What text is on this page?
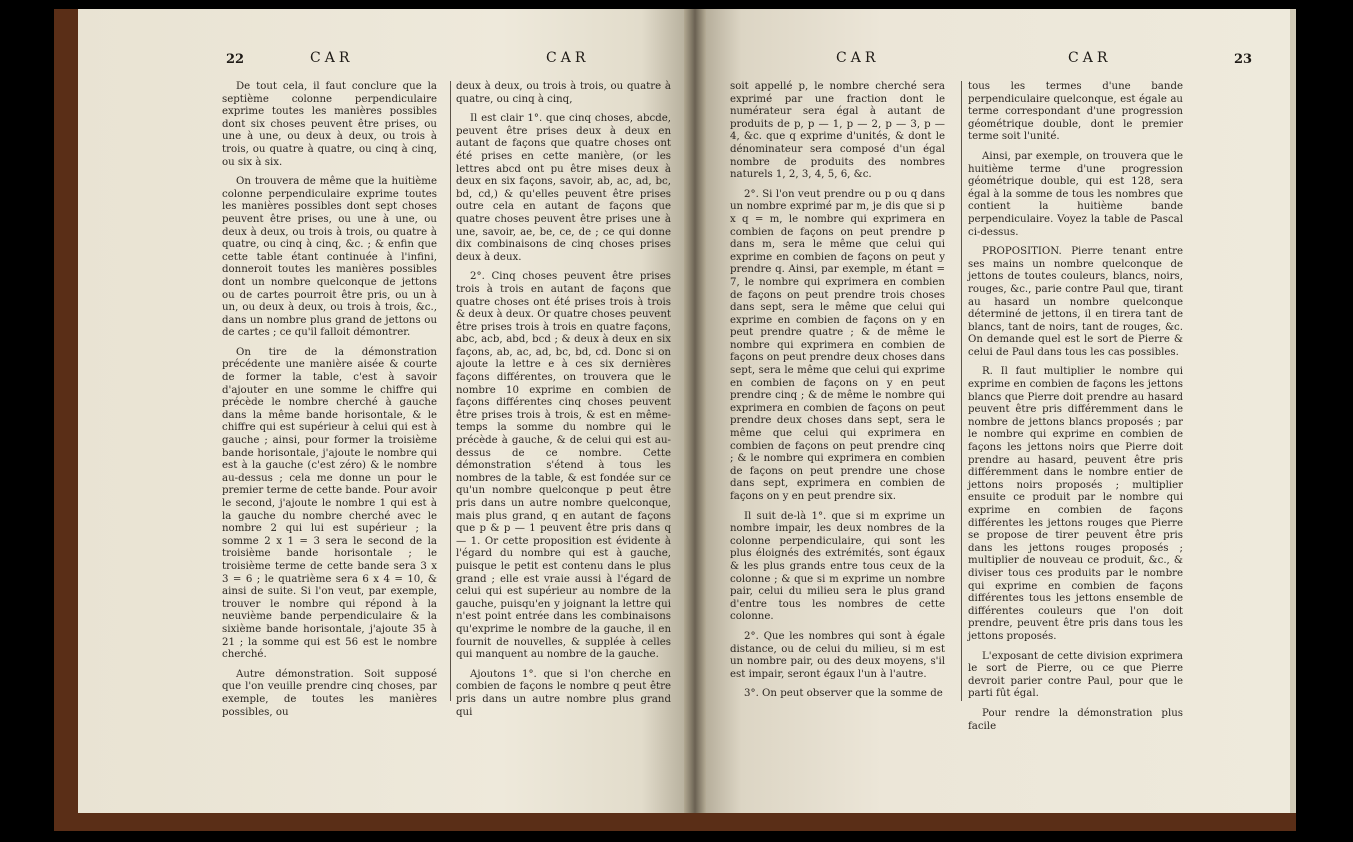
22	CAR	CAR

De tout cela, il faut conclure que la septième colonne perpendiculaire exprime toutes les manières possibles dont six choses peuvent être prises, ou une à une, ou deux à deux, ou trois à trois, ou quatre à quatre, ou cinq à cinq, ou six à six.

On trouvera de même que la huitième colonne perpendiculaire exprime toutes les manières possibles dont sept choses peuvent être prises, ou une à une, ou deux à deux, ou trois à trois, ou quatre à quatre, ou cinq à cinq, &c. ; & enfin que cette table étant continuée à l'infini, donneroit toutes les manières possibles dont un nombre quelconque de jettons ou de cartes pourroit être pris, ou un à un, ou deux à deux, ou trois à trois, &c., dans un nombre plus grand de jettons ou de cartes ; ce qu'il falloit démontrer.

On tire de la démonstration précédente une manière aisée & courte de former la table, c'est à savoir d'ajouter en une somme le chiffre qui précède le nombre cherché à gauche dans la même bande horisontale, & le chiffre qui est supérieur à celui qui est à gauche ; ainsi, pour former la troisième bande horisontale, j'ajoute le nombre qui est à la gauche (c'est zéro) & le nombre au-dessus ; cela me donne un pour le premier terme de cette bande. Pour avoir le second, j'ajoute le nombre 1 qui est à la gauche du nombre cherché avec le nombre 2 qui lui est supérieur ; la somme 2 x 1 = 3 sera le second de la troisième bande horisontale ; le troisième terme de cette bande sera 3 x 3 = 6 ; le quatrième sera 6 x 4 = 10, & ainsi de suite. Si l'on veut, par exemple, trouver le nombre qui répond à la neuvième bande perpendiculaire & la sixième bande horisontale, j'ajoute 35 à 21 ; la somme qui est 56 est le nombre cherché.

Autre démonstration. Soit supposé que l'on veuille prendre cinq choses, par exemple, de toutes les manières possibles, ou

deux à deux, ou trois à trois, ou quatre à quatre, ou cinq à cinq,

Il est clair 1°. que cinq choses, abcde, peuvent être prises deux à deux en autant de façons que quatre choses ont été prises en cette manière, (or les lettres abcd ont pu être mises deux à deux en six façons, savoir, ab, ac, ad, bc, bd, cd,) & qu'elles peuvent être prises outre cela en autant de façons que quatre choses peuvent être prises une à une, savoir, ae, be, ce, de ; ce qui donne dix combinaisons de cinq choses prises deux à deux.

2°. Cinq choses peuvent être prises trois à trois en autant de façons que quatre choses ont été prises trois à trois & deux à deux. Or quatre choses peuvent être prises trois à trois en quatre façons, abc, acb, abd, bcd ; & deux à deux en six façons, ab, ac, ad, bc, bd, cd. Donc si on ajoute la lettre e à ces six dernières façons différentes, on trouvera que le nombre 10 exprime en combien de façons différentes cinq choses peuvent être prises trois à trois, & est en même-temps la somme du nombre qui le précède à gauche, & de celui qui est au-dessus de ce nombre. Cette démonstration s'étend à tous les nombres de la table, & est fondée sur ce qu'un nombre quelconque p peut être pris dans un autre nombre quelconque, mais plus grand, q en autant de façons que p & p — 1 peuvent être pris dans q — 1. Or cette proposition est évidente à l'égard du nombre qui est à gauche, puisque le petit est contenu dans le plus grand ; elle est vraie aussi à l'égard de celui qui est supérieur au nombre de la gauche, puisqu'en y joignant la lettre qui n'est point entrée dans les combinaisons qu'exprime le nombre de la gauche, il en fournit de nouvelles, & supplée à celles qui manquent au nombre de la gauche.

Ajoutons 1°. que si l'on cherche en combien de façons le nombre q peut être pris dans un autre nombre plus grand qui

CAR	CAR	23

soit appellé p, le nombre cherché sera exprimé par une fraction dont le numérateur sera égal à autant de produits de p, p — 1, p — 2, p — 3, p — 4, &c. que q exprime d'unités, & dont le dénominateur sera composé d'un égal nombre de produits des nombres naturels 1, 2, 3, 4, 5, 6, &c.

2°. Si l'on veut prendre ou p ou q dans un nombre exprimé par m, je dis que si p x q = m, le nombre qui exprimera en combien de façons on peut prendre p dans m, sera le même que celui qui exprime en combien de façons on peut y prendre q. Ainsi, par exemple, m étant = 7, le nombre qui exprimera en combien de façons on peut prendre trois choses dans sept, sera le même que celui qui exprime en combien de façons on y en peut prendre quatre ; & de même le nombre qui exprimera en combien de façons on peut prendre deux choses dans sept, sera le même que celui qui exprime en combien de façons on y en peut prendre cinq ; & de même le nombre qui exprimera en combien de façons on peut prendre deux choses dans sept, sera le même que celui qui exprimera en combien de façons on peut prendre cinq ; & le nombre qui exprimera en combien de façons on peut prendre une chose dans sept, exprimera en combien de façons on y en peut prendre six.

Il suit de-là 1°. que si m exprime un nombre impair, les deux nombres de la colonne perpendiculaire, qui sont les plus éloignés des extrémités, sont égaux & les plus grands entre tous ceux de la colonne ; & que si m exprime un nombre pair, celui du milieu sera le plus grand d'entre tous les nombres de cette colonne.

2°. Que les nombres qui sont à égale distance, ou de celui du milieu, si m est un nombre pair, ou des deux moyens, s'il est impair, seront égaux l'un à l'autre.

3°. On peut observer que la somme de

tous les termes d'une bande perpendiculaire quelconque, est égale au terme correspondant d'une progression géométrique double, dont le premier terme soit l'unité.

Ainsi, par exemple, on trouvera que le huitième terme d'une progression géométrique double, qui est 128, sera égal à la somme de tous les nombres que contient la huitième bande perpendiculaire. Voyez la table de Pascal ci-dessus.

PROPOSITION. Pierre tenant entre ses mains un nombre quelconque de jettons de toutes couleurs, blancs, noirs, rouges, &c., parie contre Paul que, tirant au hasard un nombre quelconque déterminé de jettons, il en tirera tant de blancs, tant de noirs, tant de rouges, &c. On demande quel est le sort de Pierre & celui de Paul dans tous les cas possibles.

R. Il faut multiplier le nombre qui exprime en combien de façons les jettons blancs que Pierre doit prendre au hasard peuvent être pris différemment dans le nombre de jettons blancs proposés ; par le nombre qui exprime en combien de façons les jettons noirs que Pierre doit prendre au hasard, peuvent être pris différemment dans le nombre entier de jettons noirs proposés ; multiplier ensuite ce produit par le nombre qui exprime en combien de façons différentes les jettons rouges que Pierre se propose de tirer peuvent être pris dans les jettons rouges proposés ; multiplier de nouveau ce produit, &c., & diviser tous ces produits par le nombre qui exprime en combien de façons différentes tous les jettons ensemble de différentes couleurs que l'on doit prendre, peuvent être pris dans tous les jettons proposés.

L'exposant de cette division exprimera le sort de Pierre, ou ce que Pierre devroit parier contre Paul, pour que le parti fût égal.

Pour rendre la démonstration plus facile
